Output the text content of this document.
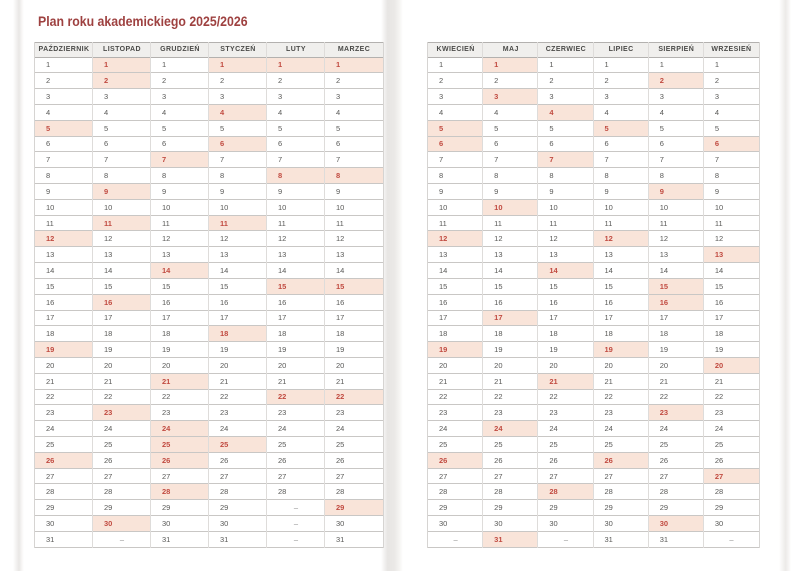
Plan roku akademickiego 2025/2026
PAŹDZIERNIK
1
2
3
4
5
6
7
8
9
10
11
12
13
14
15
16
17
18
19
20
21
22
23
24
25
26
27
28
29
30
31
LISTOPAD
1
2
3
4
5
6
7
8
9
10
11
12
13
14
15
16
17
18
19
20
21
22
23
24
25
26
27
28
29
30
–
GRUDZIEŃ
1
2
3
4
5
6
7
8
9
10
11
12
13
14
15
16
17
18
19
20
21
22
23
24
25
26
27
28
29
30
31
STYCZEŃ
1
2
3
4
5
6
7
8
9
10
11
12
13
14
15
16
17
18
19
20
21
22
23
24
25
26
27
28
29
30
31
LUTY
1
2
3
4
5
6
7
8
9
10
11
12
13
14
15
16
17
18
19
20
21
22
23
24
25
26
27
28
–
–
–
MARZEC
1
2
3
4
5
6
7
8
9
10
11
12
13
14
15
16
17
18
19
20
21
22
23
24
25
26
27
28
29
30
31
KWIECIEŃ
1
2
3
4
5
6
7
8
9
10
11
12
13
14
15
16
17
18
19
20
21
22
23
24
25
26
27
28
29
30
–
MAJ
1
2
3
4
5
6
7
8
9
10
11
12
13
14
15
16
17
18
19
20
21
22
23
24
25
26
27
28
29
30
31
CZERWIEC
1
2
3
4
5
6
7
8
9
10
11
12
13
14
15
16
17
18
19
20
21
22
23
24
25
26
27
28
29
30
–
LIPIEC
1
2
3
4
5
6
7
8
9
10
11
12
13
14
15
16
17
18
19
20
21
22
23
24
25
26
27
28
29
30
31
SIERPIEŃ
1
2
3
4
5
6
7
8
9
10
11
12
13
14
15
16
17
18
19
20
21
22
23
24
25
26
27
28
29
30
31
WRZESIEŃ
1
2
3
4
5
6
7
8
9
10
11
12
13
14
15
16
17
18
19
20
21
22
23
24
25
26
27
28
29
30
–
